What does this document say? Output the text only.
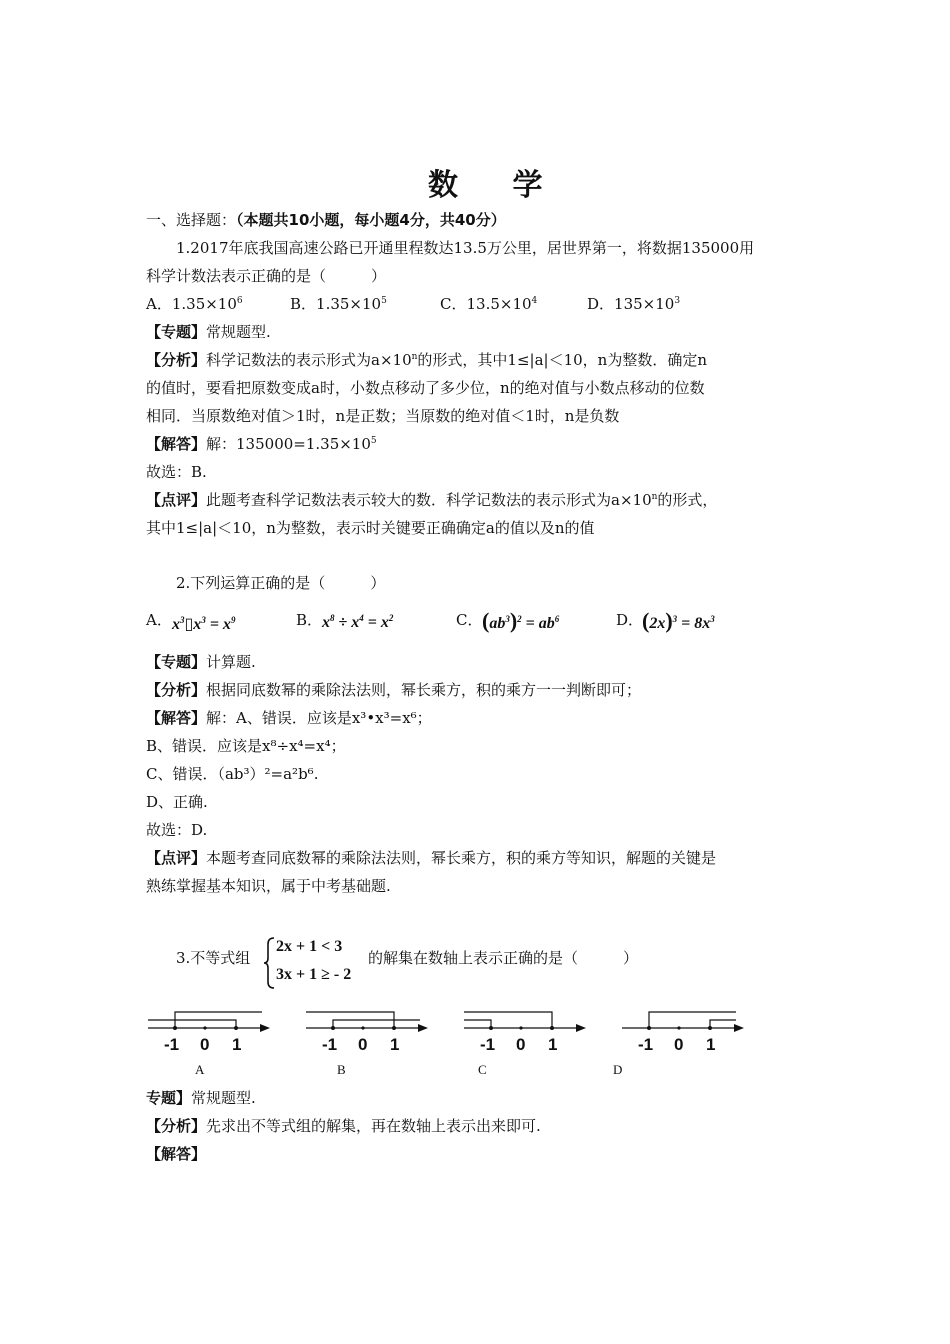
数 学
一、选择题：（本题共10小题，每小题4分，共40分）
1.2017年底我国高速公路已开通里程数达13.5万公里，居世界第一，将数据135000用
科学计数法表示正确的是（　　　）
A．$1.35\times 10^6$	B．$1.35\times 10^5$	C．$13.5\times 10^4$	D．$135\times 10^3$
【专题】常规题型.
【分析】科学记数法的表示形式为$a\times 10^n$的形式，其中1≤|a|＜10，n为整数．确定n
的值时，要看把原数变成a时，小数点移动了多少位，n的绝对值与小数点移动的位数
相同．当原数绝对值＞1时，n是正数；当原数的绝对值＜1时，n是负数
【解答】解：$135000=1.35\times 10^5$
故选：B.
【点评】此题考查科学记数法表示较大的数．科学记数法的表示形式为$a\times 10^n$的形式，
其中1≤|a|＜10，n为整数，表示时关键要正确确定a的值以及n的值
2.下列运算正确的是（　　　）
A． $x^3▯x^3 = x^9$	B． $x^8 \div x^4 = x^2$	C． $(ab^3)^2 = ab^6$	D．
$(2x)^3 = 8x^3$
【专题】计算题.
【分析】根据同底数幂的乘除法法则，幂长乘方，积的乘方一一判断即可；
【解答】解：A、错误．应该是x³•x³=x⁶；
B、错误．应该是x⁸÷x⁴=x⁴；
C、错误．（ab³）²=a²b⁶.
D、正确.
故选：D.
【点评】本题考查同底数幂的乘除法法则，幂长乘方，积的乘方等知识，解题的关键是
熟练掌握基本知识，属于中考基础题.
3.不等式组
2x + 1 < 3
3x + 1 ≥ - 2
的解集在数轴上表示正确的是（　　　）
-1 0 1	-1 0 1	-1 0 1	-1 0 1
A	B	C	D
专题】常规题型.
【分析】先求出不等式组的解集，再在数轴上表示出来即可.
【解答】
